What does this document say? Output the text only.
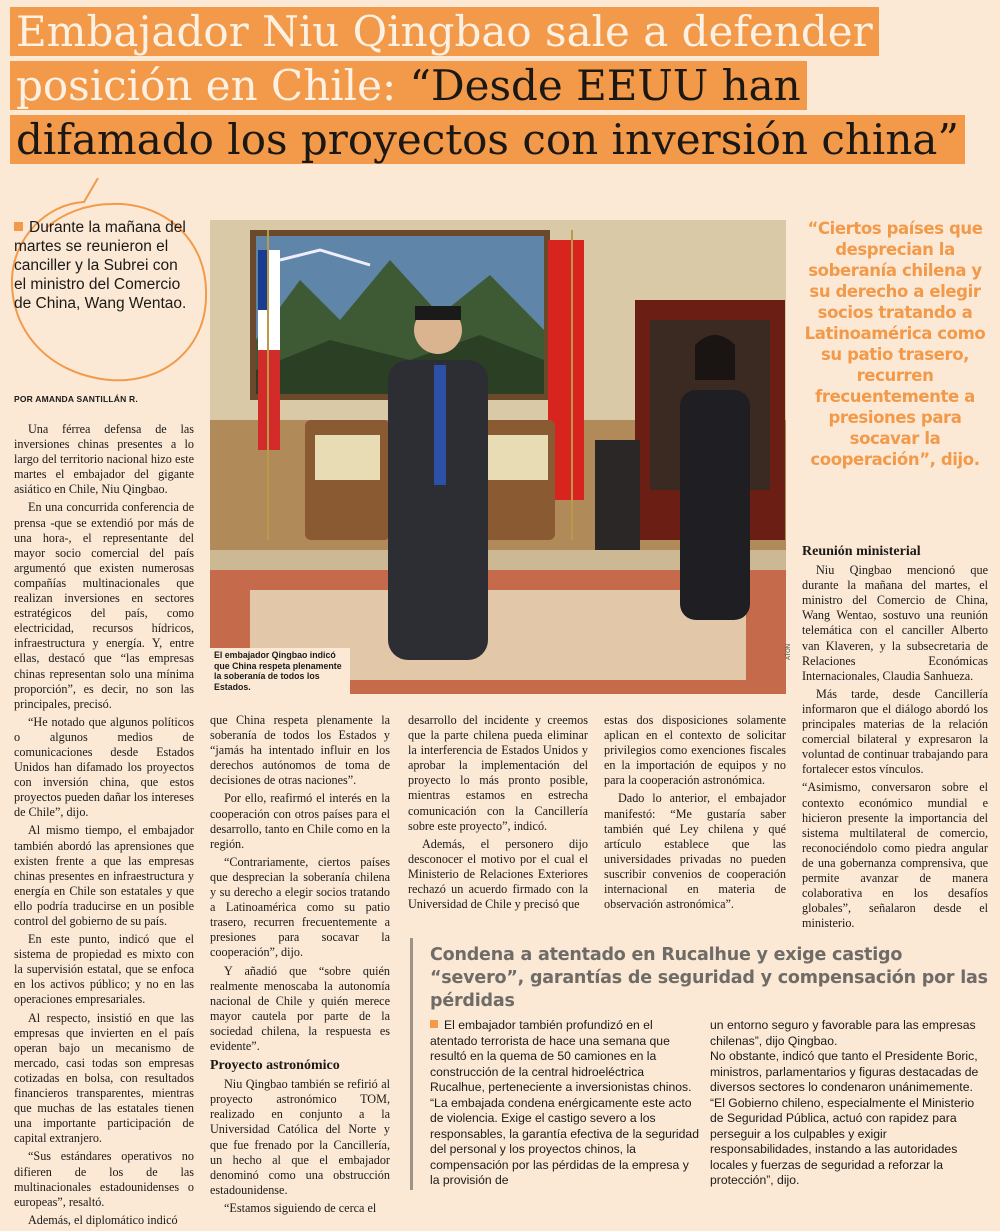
Embajador Niu Qingbao sale a defender
posición en Chile: “Desde EEUU han
difamado los proyectos con inversión china”
Durante la mañana del martes se reunieron el canciller y la Subrei con el ministro del Comercio de China, Wang Wentao.
POR AMANDA SANTILLÁN R.

Una férrea defensa de las inversiones chinas presentes a lo largo del territorio nacional hizo este martes el embajador del gigante asiático en Chile, Niu Qingbao.

En una concurrida conferencia de prensa -que se extendió por más de una hora-, el representante del mayor socio comercial del país argumentó que existen numerosas compañías multinacionales que realizan inversiones en sectores estratégicos del país, como electricidad, recursos hídricos, infraestructura y energía. Y, entre ellas, destacó que “las empresas chinas representan solo una mínima proporción”, es decir, no son las principales, precisó.

“He notado que algunos políticos o algunos medios de comunicaciones desde Estados Unidos han difamado los proyectos con inversión china, que estos proyectos pueden dañar los intereses de Chile”, dijo.

Al mismo tiempo, el embajador también abordó las aprensiones que existen frente a que las empresas chinas presentes en infraestructura y energía en Chile son estatales y que ello podría traducirse en un posible control del gobierno de su país.

En este punto, indicó que el sistema de propiedad es mixto con la supervisión estatal, que se enfoca en los activos público; y no en las operaciones empresariales.

Al respecto, insistió en que las empresas que invierten en el país operan bajo un mecanismo de mercado, casi todas son empresas cotizadas en bolsa, con resultados financieros transparentes, mientras que muchas de las estatales tienen una importante participación de capital extranjero.

“Sus estándares operativos no difieren de los de las multinacionales estadounidenses o europeas”, resaltó.

Además, el diplomático indicó

El embajador Qingbao indicó que China respeta plenamente la soberanía de todos los Estados.
ATON
“Ciertos países que desprecian la soberanía chilena y su derecho a elegir socios tratando a Latinoamérica como su patio trasero, recurren frecuentemente a presiones para socavar la cooperación”, dijo.

que China respeta plenamente la soberanía de todos los Estados y “jamás ha intentado influir en los derechos autónomos de toma de decisiones de otras naciones”.

Por ello, reafirmó el interés en la cooperación con otros países para el desarrollo, tanto en Chile como en la región.

“Contrariamente, ciertos países que desprecian la soberanía chilena y su derecho a elegir socios tratando a Latinoamérica como su patio trasero, recurren frecuentemente a presiones para socavar la cooperación”, dijo.

Y añadió que “sobre quién realmente menoscaba la autonomía nacional de Chile y quién merece mayor cautela por parte de la sociedad chilena, la respuesta es evidente”.

Proyecto astronómico

Niu Qingbao también se refirió al proyecto astronómico TOM, realizado en conjunto a la Universidad Católica del Norte y que fue frenado por la Cancillería, un hecho al que el embajador denominó como una obstrucción estadounidense.

“Estamos siguiendo de cerca el

desarrollo del incidente y creemos que la parte chilena pueda eliminar la interferencia de Estados Unidos y aprobar la implementación del proyecto lo más pronto posible, mientras estamos en estrecha comunicación con la Cancillería sobre este proyecto”, indicó.

Además, el personero dijo desconocer el motivo por el cual el Ministerio de Relaciones Exteriores rechazó un acuerdo firmado con la Universidad de Chile y precisó que

estas dos disposiciones solamente aplican en el contexto de solicitar privilegios como exenciones fiscales en la importación de equipos y no para la cooperación astronómica.

Dado lo anterior, el embajador manifestó: “Me gustaría saber también qué Ley chilena y qué artículo establece que las universidades privadas no pueden suscribir convenios de cooperación internacional en materia de observación astronómica”.

Reunión ministerial

Niu Qingbao mencionó que durante la mañana del martes, el ministro del Comercio de China, Wang Wentao, sostuvo una reunión telemática con el canciller Alberto van Klaveren, y la subsecretaria de Relaciones Económicas Internacionales, Claudia Sanhueza.

Más tarde, desde Cancillería informaron que el diálogo abordó los principales materias de la relación comercial bilateral y expresaron la voluntad de continuar trabajando para fortalecer estos vínculos.

“Asimismo, conversaron sobre el contexto económico mundial e hicieron presente la importancia del sistema multilateral de comercio, reconociéndolo como piedra angular de una gobernanza comprensiva, que permite avanzar de manera colaborativa en los desafíos globales”, señalaron desde el ministerio.

Condena a atentado en Rucalhue y exige castigo “severo”, garantías de seguridad y compensación por las pérdidas

El embajador también profundizó en el atentado terrorista de hace una semana que resultó en la quema de 50 camiones en la construcción de la central hidroeléctrica Rucalhue, perteneciente a inversionistas chinos.

“La embajada condena enérgicamente este acto de violencia. Exige el castigo severo a los responsables, la garantía efectiva de la seguridad del personal y los proyectos chinos, la compensación por las pérdidas de la empresa y la provisión de

un entorno seguro y favorable para las empresas chilenas”, dijo Qingbao.

No obstante, indicó que tanto el Presidente Boric, ministros, parlamentarios y figuras destacadas de diversos sectores lo condenaron unánimemente.

“El Gobierno chileno, especialmente el Ministerio de Seguridad Pública, actuó con rapidez para perseguir a los culpables y exigir responsabilidades, instando a las autoridades locales y fuerzas de seguridad a reforzar la protección”, dijo.
